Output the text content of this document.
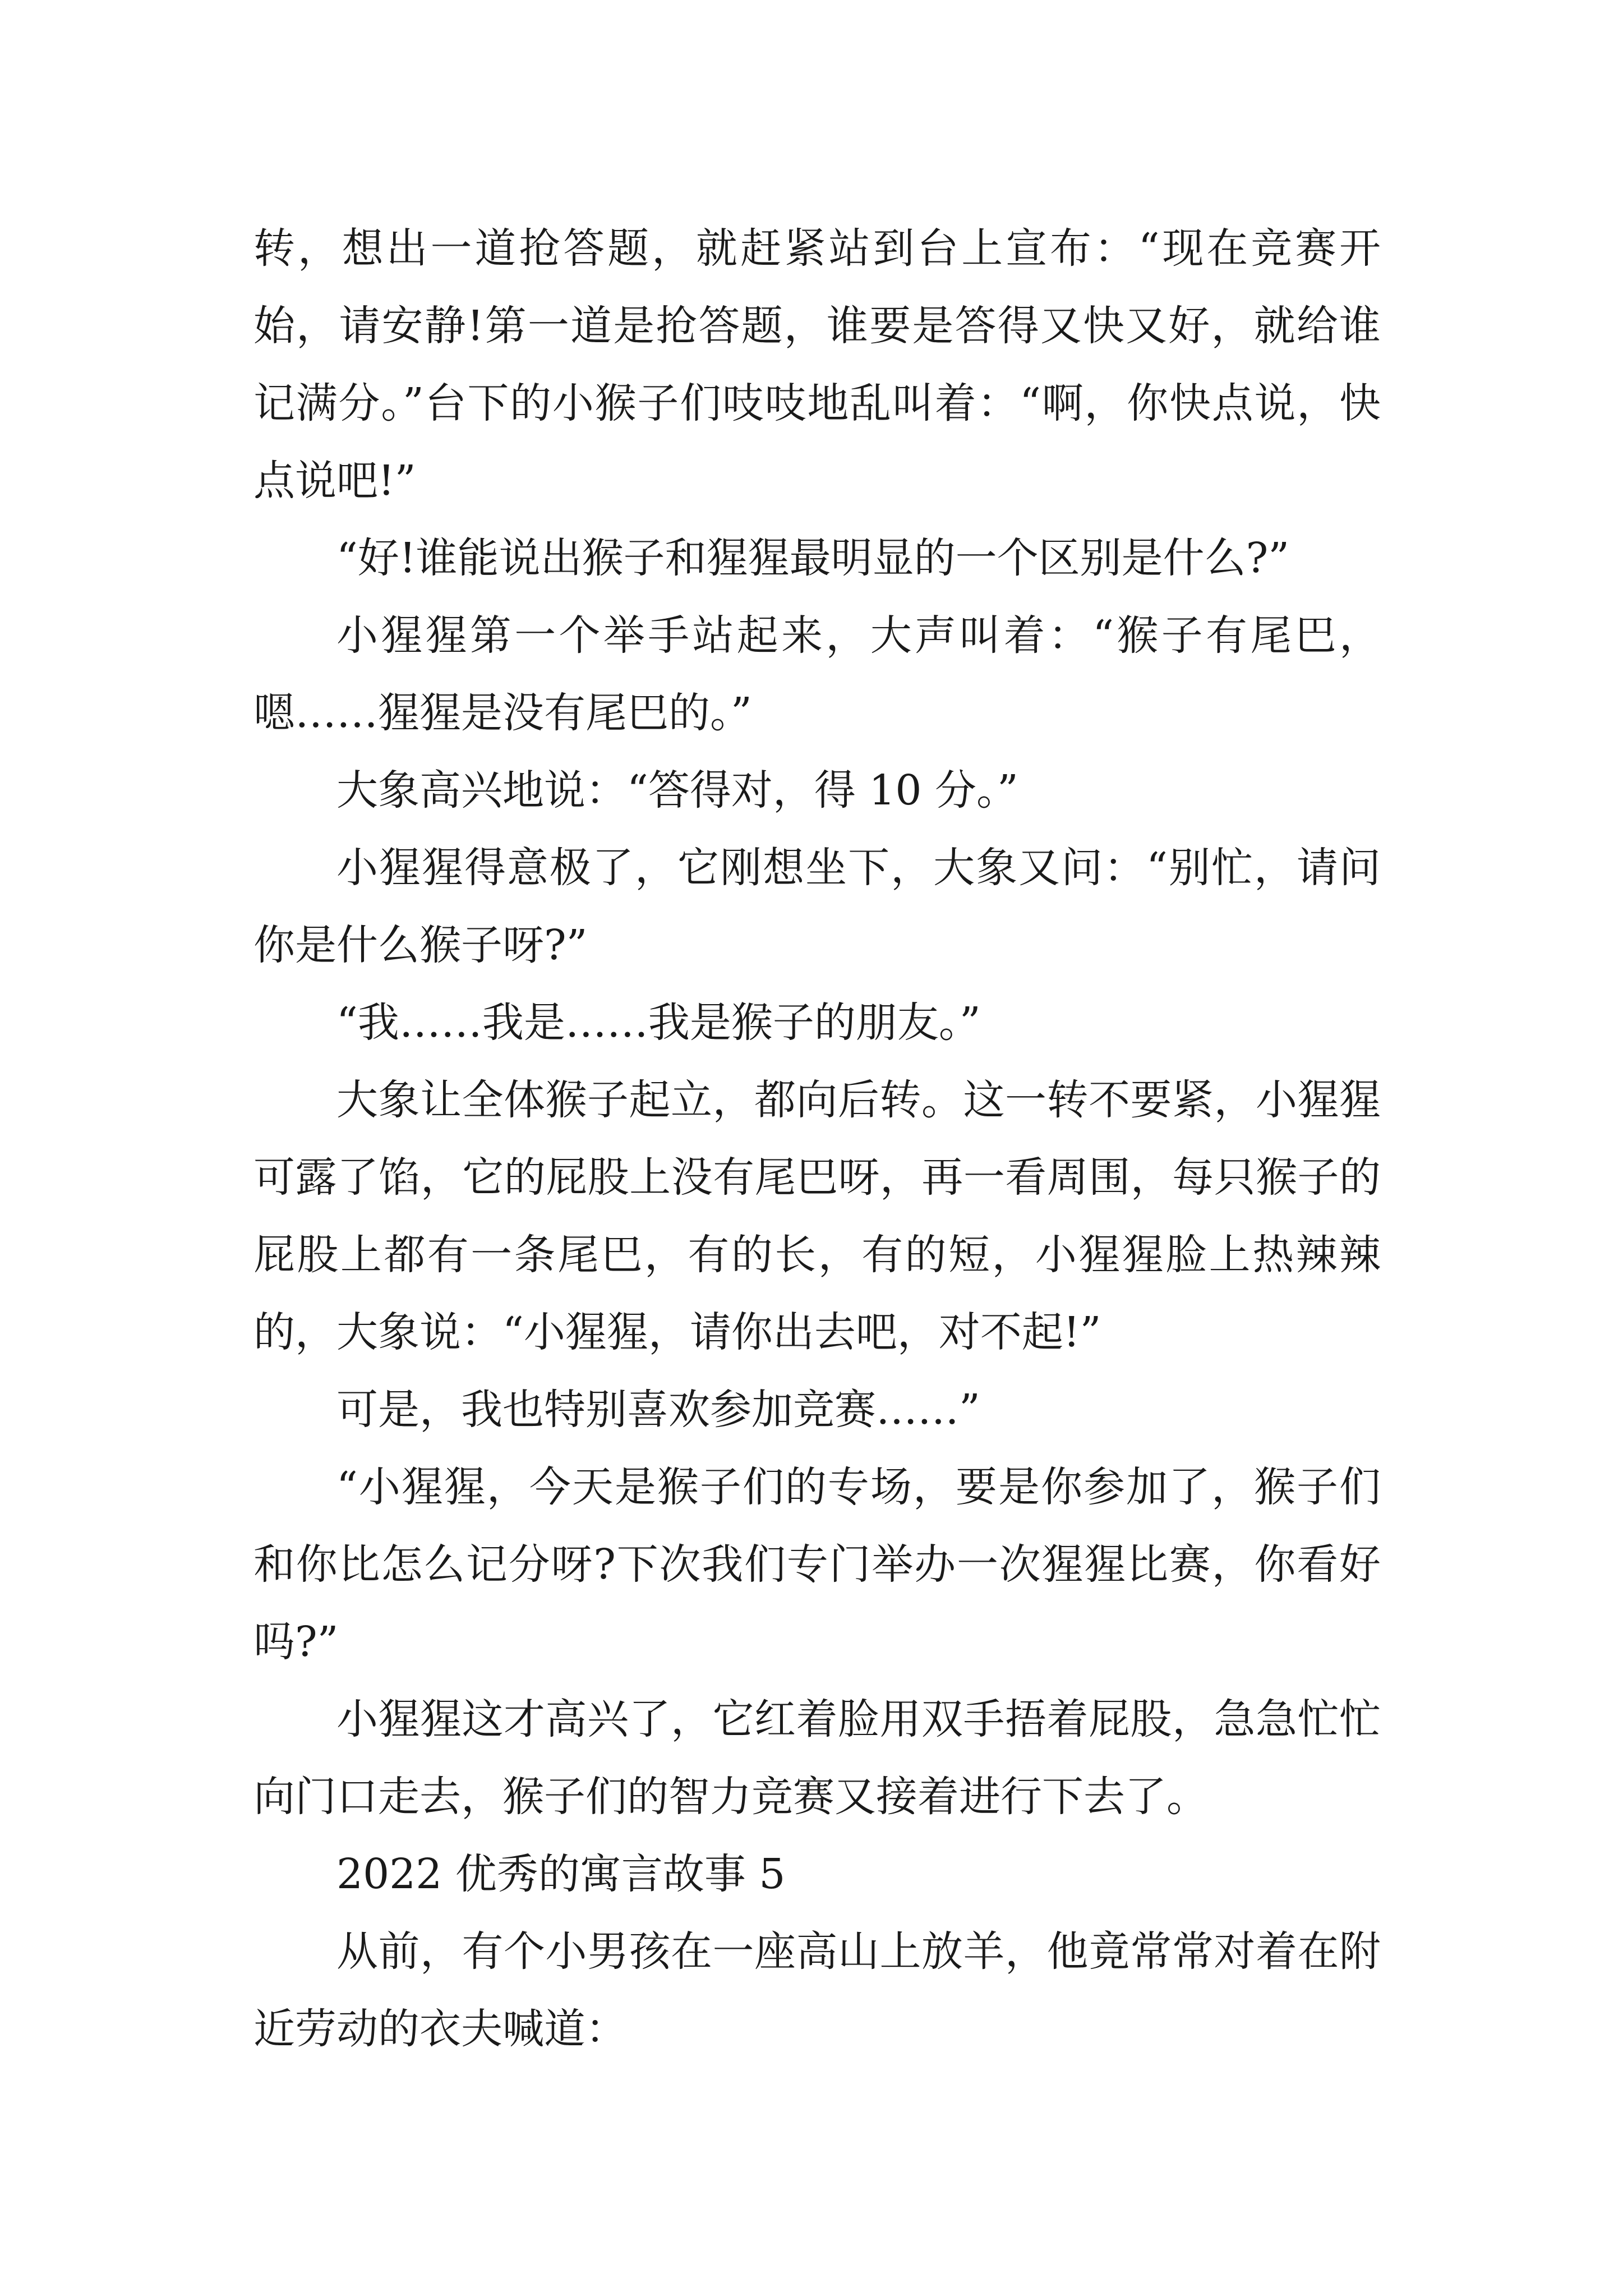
转，想出一道抢答题，就赶紧站到台上宣布：“现在竞赛开始，请安静!第一道是抢答题，谁要是答得又快又好，就给谁记满分。”台下的小猴子们吱吱地乱叫着：“啊，你快点说，快点说吧!”

“好!谁能说出猴子和猩猩最明显的一个区别是什么?”

小猩猩第一个举手站起来，大声叫着：“猴子有尾巴，嗯……猩猩是没有尾巴的。”

大象高兴地说：“答得对，得 10 分。”

小猩猩得意极了，它刚想坐下，大象又问：“别忙，请问你是什么猴子呀?”

“我……我是……我是猴子的朋友。”

大象让全体猴子起立，都向后转。这一转不要紧，小猩猩可露了馅，它的屁股上没有尾巴呀，再一看周围，每只猴子的屁股上都有一条尾巴，有的长，有的短，小猩猩脸上热辣辣的，大象说：“小猩猩，请你出去吧，对不起!”

可是，我也特别喜欢参加竞赛……”

“小猩猩，今天是猴子们的专场，要是你参加了，猴子们和你比怎么记分呀?下次我们专门举办一次猩猩比赛，你看好吗?”

小猩猩这才高兴了，它红着脸用双手捂着屁股，急急忙忙向门口走去，猴子们的智力竞赛又接着进行下去了。

2022 优秀的寓言故事 5

从前，有个小男孩在一座高山上放羊，他竟常常对着在附近劳动的衣夫喊道：
